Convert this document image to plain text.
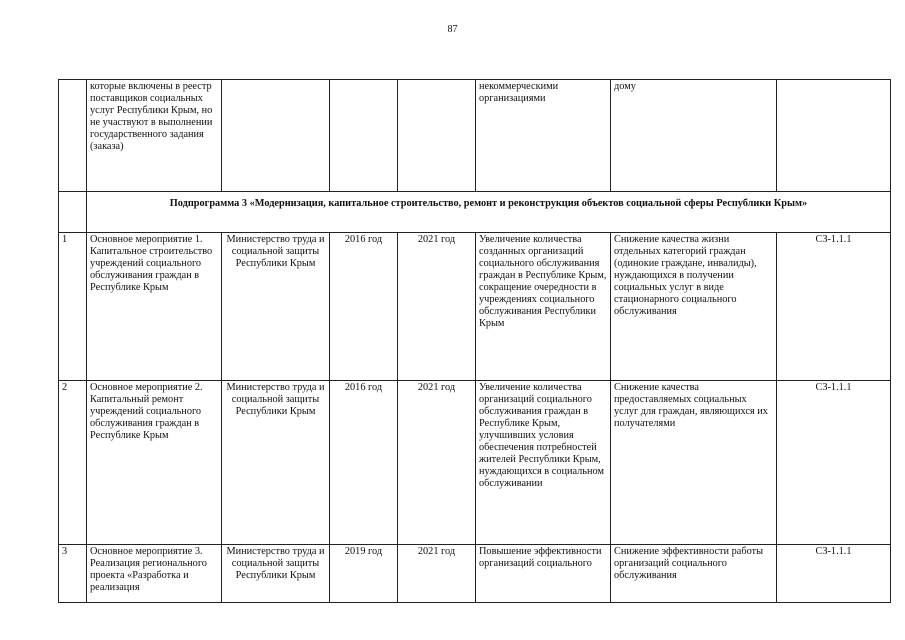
87
	которые включены в реестр поставщиков социальных услуг Республики Крым, но не участвуют в выполнении государственного задания (заказа)				некоммерческими организациями	дому	
	Подпрограмма 3 «Модернизация, капитальное строительство, ремонт и реконструкция объектов социальной сферы Республики Крым»						
1	Основное мероприятие 1. Капитальное строительство учреждений социального обслуживания граждан в Республике Крым	Министерство труда и социальной защиты Республики Крым	2016 год	2021 год	Увеличение количества созданных организаций социального обслуживания граждан в Республике Крым, сокращение очередности в учреждениях социального обслуживания Республики Крым	Снижение качества жизни отдельных категорий граждан (одинокие граждане, инвалиды), нуждающихся в получении социальных услуг в виде стационарного социального обслуживания	СЗ-1.1.1
2	Основное мероприятие 2. Капитальный ремонт учреждений социального обслуживания граждан в Республике Крым	Министерство труда и социальной защиты Республики Крым	2016 год	2021 год	Увеличение количества организаций социального обслуживания граждан в Республике Крым, улучшивших условия обеспечения потребностей жителей Республики Крым, нуждающихся в социальном обслуживании	Снижение качества предоставляемых социальных услуг для граждан, являющихся их получателями	СЗ-1.1.1
3	Основное мероприятие 3. Реализация регионального проекта «Разработка и реализация	Министерство труда и социальной защиты Республики Крым	2019 год	2021 год	Повышение эффективности организаций социального	Снижение эффективности работы организаций социального обслуживания	СЗ-1.1.1
